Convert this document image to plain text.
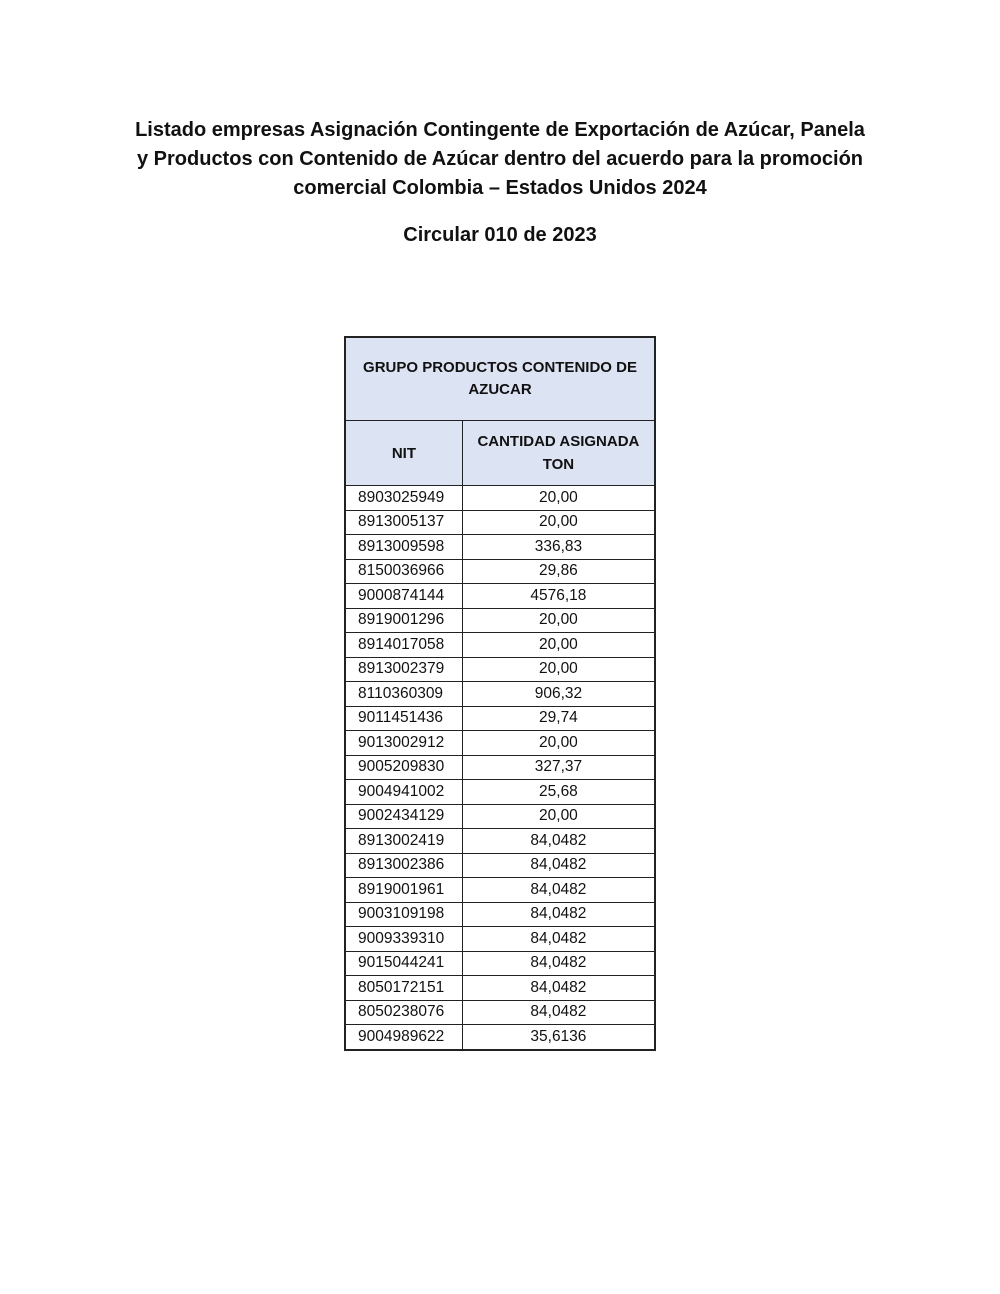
Listado empresas Asignación Contingente de Exportación de Azúcar, Panela
y Productos con Contenido de Azúcar dentro del acuerdo para la promoción
comercial Colombia – Estados Unidos 2024
Circular 010 de 2023
GRUPO PRODUCTOS CONTENIDO DE AZUCAR	

NIT	CANTIDAD ASIGNADA TON

8903025949	20,00
8913005137	20,00
8913009598	336,83
8150036966	29,86
9000874144	4576,18
8919001296	20,00
8914017058	20,00
8913002379	20,00
8110360309	906,32
9011451436	29,74
9013002912	20,00
9005209830	327,37
9004941002	25,68
9002434129	20,00
8913002419	84,0482
8913002386	84,0482
8919001961	84,0482
9003109198	84,0482
9009339310	84,0482
9015044241	84,0482
8050172151	84,0482
8050238076	84,0482
9004989622	35,6136
